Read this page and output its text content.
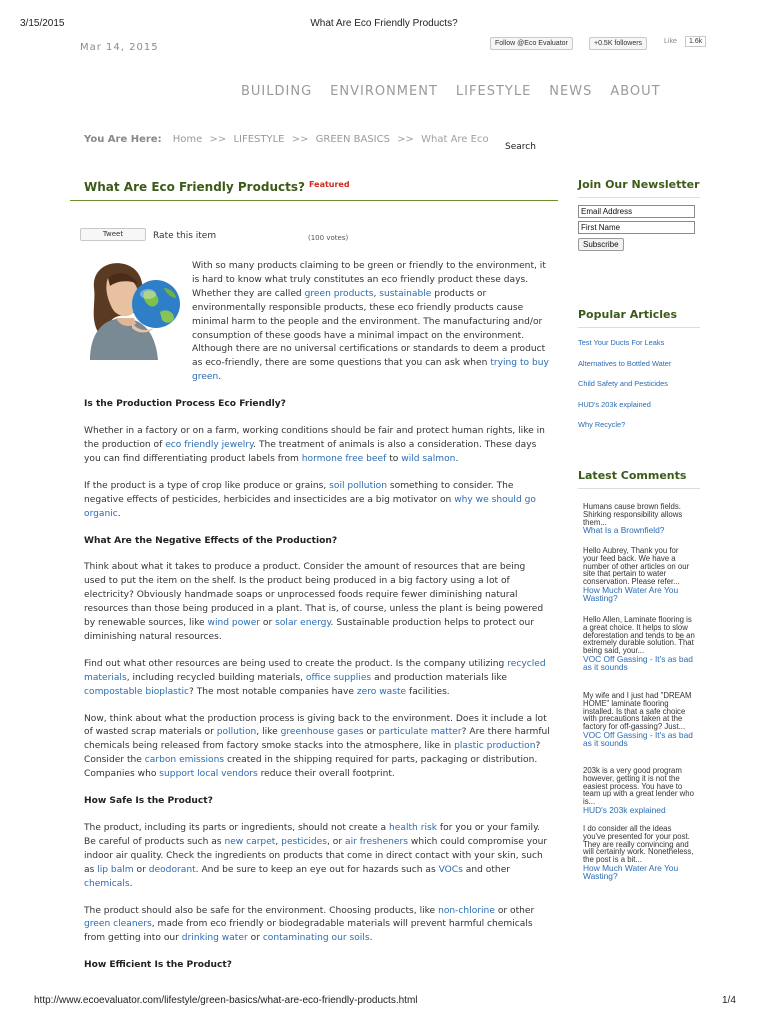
3/15/2015	What Are Eco Friendly Products?
Mar 14, 2015	Follow @Eco Evaluator	+0.5K followers	Like	1.6k
BUILDING ENVIRONMENT LIFESTYLE NEWS ABOUT
You Are Here: Home >> LIFESTYLE >> GREEN BASICS >> What Are Eco
Search
What Are Eco Friendly Products? Featured
Tweet	Rate this item	(100 votes)

With so many products claiming to be green or friendly to the environment, it is hard to know what truly constitutes an eco friendly product these days. Whether they are called green products, sustainable products or environmentally responsible products, these eco friendly products cause minimal harm to the people and the environment. The manufacturing and/or consumption of these goods have a minimal impact on the environment. Although there are no universal certifications or standards to deem a product as eco-friendly, there are some questions that you can ask when trying to buy green.

Is the Production Process Eco Friendly?

Whether in a factory or on a farm, working conditions should be fair and protect human rights, like in the production of eco friendly jewelry. The treatment of animals is also a consideration. These days you can find differentiating product labels from hormone free beef to wild salmon.

If the product is a type of crop like produce or grains, soil pollution something to consider. The negative effects of pesticides, herbicides and insecticides are a big motivator on why we should go organic.

What Are the Negative Effects of the Production?

Think about what it takes to produce a product. Consider the amount of resources that are being used to put the item on the shelf. Is the product being produced in a big factory using a lot of electricity? Obviously handmade soaps or unprocessed foods require fewer diminishing natural resources than those being produced in a plant. That is, of course, unless the plant is being powered by renewable sources, like wind power or solar energy. Sustainable production helps to protect our diminishing natural resources.

Find out what other resources are being used to create the product. Is the company utilizing recycled materials, including recycled building materials, office supplies and production materials like compostable bioplastic? The most notable companies have zero waste facilities.

Now, think about what the production process is giving back to the environment. Does it include a lot of wasted scrap materials or pollution, like greenhouse gases or particulate matter? Are there harmful chemicals being released from factory smoke stacks into the atmosphere, like in plastic production? Consider the carbon emissions created in the shipping required for parts, packaging or distribution. Companies who support local vendors reduce their overall footprint.

How Safe Is the Product?

The product, including its parts or ingredients, should not create a health risk for you or your family. Be careful of products such as new carpet, pesticides, or air fresheners which could compromise your indoor air quality. Check the ingredients on products that come in direct contact with your skin, such as lip balm or deodorant. And be sure to keep an eye out for hazards such as VOCs and other chemicals.

The product should also be safe for the environment. Choosing products, like non-chlorine or other green cleaners, made from eco friendly or biodegradable materials will prevent harmful chemicals from getting into our drinking water or contaminating our soils.

How Efficient Is the Product?
Join Our Newsletter
Email Address
First Name
Subscribe
Popular Articles
Test Your Ducts For Leaks
Alternatives to Bottled Water
Child Safety and Pesticides
HUD's 203k explained
Why Recycle?
Latest Comments
Humans cause brown fields. Shirking responsibility allows them...
What Is a Brownfield?
Hello Aubrey, Thank you for your feed back. We have a number of other articles on our site that pertain to water conservation. Please refer...
How Much Water Are You Wasting?
Hello Allen, Laminate flooring is a great choice. It helps to slow deforestation and tends to be an extremely durable solution. That being said, your...
VOC Off Gassing - It's as bad as it sounds
My wife and I just had "DREAM HOME" laminate flooring installed. Is that a safe choice with precautions taken at the factory for off-gassing? Just...
VOC Off Gassing - It's as bad as it sounds
203k is a very good program however, getting it is not the easiest process. You have to team up with a great lender who is...
HUD's 203k explained
I do consider all the ideas you've presented for your post. They are really convincing and will certainly work. Nonetheless, the post is a bit...
How Much Water Are You Wasting?
http://www.ecoevaluator.com/lifestyle/green-basics/what-are-eco-friendly-products.html	1/4
